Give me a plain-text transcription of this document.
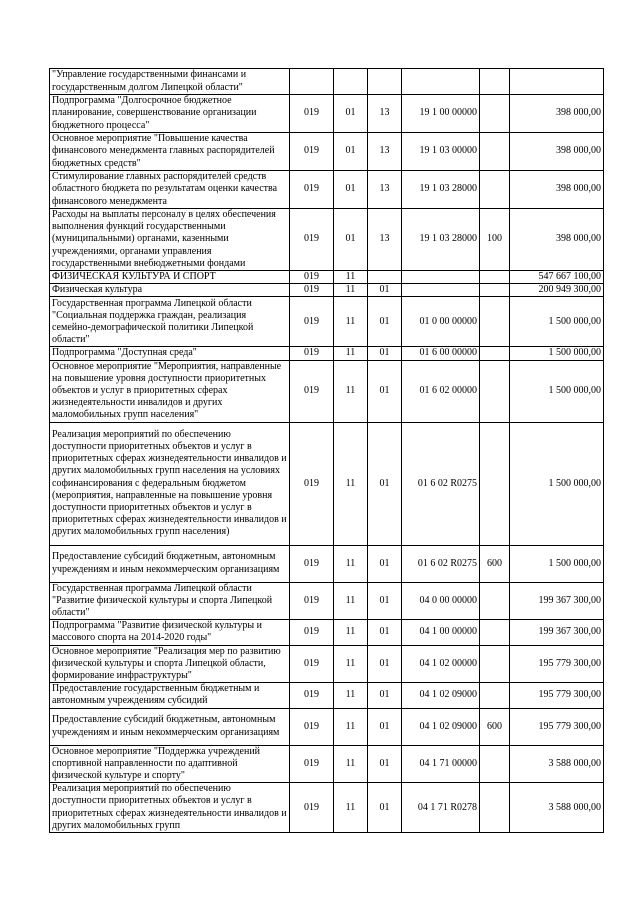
"Управление государственными финансами и государственным долгом Липецкой области"						
Подпрограмма "Долгосрочное бюджетное планирование, совершенствование организации бюджетного процесса"	019	01	13	19 1 00 00000		398 000,00
Основное мероприятие "Повышение качества финансового менеджмента главных распорядителей бюджетных средств"	019	01	13	19 1 03 00000		398 000,00
Стимулирование главных распорядителей средств областного бюджета по результатам оценки качества финансового менеджмента	019	01	13	19 1 03 28000		398 000,00
Расходы на выплаты персоналу в целях обеспечения выполнения функций государственными (муниципальными) органами, казенными учреждениями, органами управления государственными внебюджетными фондами	019	01	13	19 1 03 28000	100	398 000,00
ФИЗИЧЕСКАЯ КУЛЬТУРА И СПОРТ	019	11				547 667 100,00
Физическая культура	019	11	01			200 949 300,00
Государственная программа Липецкой области "Социальная поддержка граждан, реализация семейно-демографической политики Липецкой области"	019	11	01	01 0 00 00000		1 500 000,00
Подпрограмма "Доступная среда"	019	11	01	01 6 00 00000		1 500 000,00
Основное мероприятие "Мероприятия, направленные на повышение уровня доступности приоритетных объектов и услуг в приоритетных сферах жизнедеятельности инвалидов и других маломобильных групп населения"	019	11	01	01 6 02 00000		1 500 000,00
Реализация мероприятий по обеспечению доступности приоритетных объектов и услуг в приоритетных сферах жизнедеятельности инвалидов и других маломобильных групп населения на условиях софинансирования с федеральным бюджетом (мероприятия, направленные на повышение уровня доступности приоритетных объектов и услуг в приоритетных сферах жизнедеятельности инвалидов и других маломобильных групп населения)	019	11	01	01 6 02 R0275		1 500 000,00
Предоставление субсидий бюджетным, автономным учреждениям и иным некоммерческим организациям	019	11	01	01 6 02 R0275	600	1 500 000,00
Государственная программа Липецкой области "Развитие физической культуры и спорта Липецкой области"	019	11	01	04 0 00 00000		199 367 300,00
Подпрограмма "Развитие физической культуры и массового спорта на 2014-2020 годы"	019	11	01	04 1 00 00000		199 367 300,00
Основное мероприятие "Реализация мер по развитию физической культуры и спорта Липецкой области, формирование инфраструктуры"	019	11	01	04 1 02 00000		195 779 300,00
Предоставление государственным бюджетным и автономным учреждениям субсидий	019	11	01	04 1 02 09000		195 779 300,00
Предоставление субсидий бюджетным, автономным учреждениям и иным некоммерческим организациям	019	11	01	04 1 02 09000	600	195 779 300,00
Основное мероприятие "Поддержка учреждений спортивной направленности по адаптивной физической культуре и спорту"	019	11	01	04 1 71 00000		3 588 000,00
Реализация мероприятий по обеспечению доступности приоритетных объектов и услуг в приоритетных сферах жизнедеятельности инвалидов и других маломобильных групп	019	11	01	04 1 71 R0278		3 588 000,00
